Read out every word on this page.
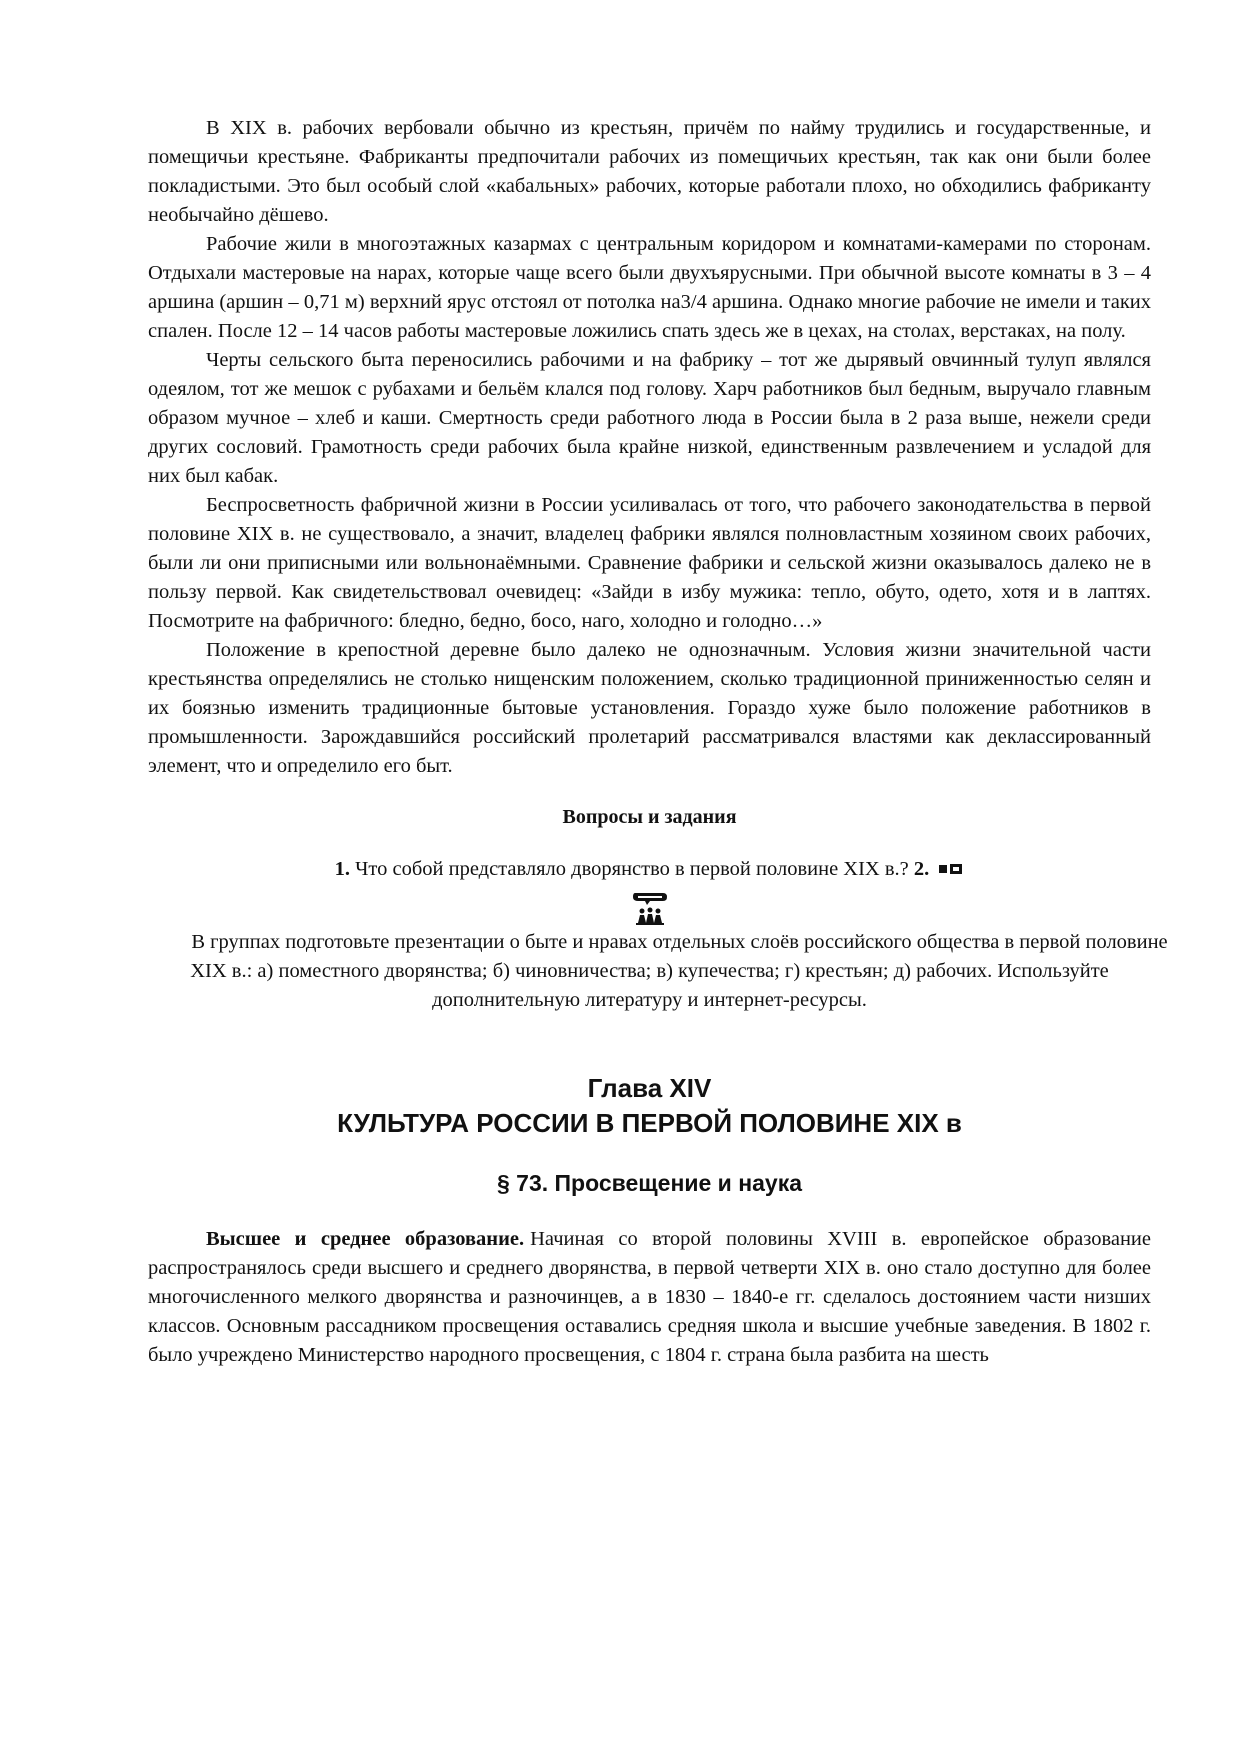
В XIX в. рабочих вербовали обычно из крестьян, причём по найму трудились и государственные, и помещичьи крестьяне. Фабриканты предпочитали рабочих из помещичьих крестьян, так как они были более покладистыми. Это был особый слой «кабальных» рабочих, которые работали плохо, но обходились фабриканту необычайно дёшево.

Рабочие жили в многоэтажных казармах с центральным коридором и комнатами-камерами по сторонам. Отдыхали мастеровые на нарах, которые чаще всего были двухъярусными. При обычной высоте комнаты в 3 – 4 аршина (аршин – 0,71 м) верхний ярус отстоял от потолка на3/4 аршина. Однако многие рабочие не имели и таких спален. После 12 – 14 часов работы мастеровые ложились спать здесь же в цехах, на столах, верстаках, на полу.

Черты сельского быта переносились рабочими и на фабрику – тот же дырявый овчинный тулуп являлся одеялом, тот же мешок с рубахами и бельём клался под голову. Харч работников был бедным, выручало главным образом мучное – хлеб и каши. Смертность среди работного люда в России была в 2 раза выше, нежели среди других сословий. Грамотность среди рабочих была крайне низкой, единственным развлечением и усладой для них был кабак.

Беспросветность фабричной жизни в России усиливалась от того, что рабочего законодательства в первой половине XIX в. не существовало, а значит, владелец фабрики являлся полновластным хозяином своих рабочих, были ли они приписными или вольнонаёмными. Сравнение фабрики и сельской жизни оказывалось далеко не в пользу первой. Как свидетельствовал очевидец: «Зайди в избу мужика: тепло, обуто, одето, хотя и в лаптях. Посмотрите на фабричного: бледно, бедно, босо, наго, холодно и голодно…»

Положение в крепостной деревне было далеко не однозначным. Условия жизни значительной части крестьянства определялись не столько нищенским положением, сколько традиционной приниженностью селян и их боязнью изменить традиционные бытовые установления. Гораздо хуже было положение работников в промышленности. Зарождавшийся российский пролетарий рассматривался властями как деклассированный элемент, что и определило его быт.

Вопросы и задания
1. Что собой представляло дворянство в первой половине XIX в.? 2.

В группах подготовьте презентации о быте и нравах отдельных слоёв российского общества в первой половине XIX в.: а) поместного дворянства; б) чиновничества; в) купечества; г) крестьян; д) рабочих. Используйте дополнительную литературу и интернет-ресурсы.

Глава XIV
КУЛЬТУРА РОССИИ В ПЕРВОЙ ПОЛОВИНЕ XIX в
§ 73. Просвещение и наука

Высшее и среднее образование. Начиная со второй половины XVIII в. европейское образование распространялось среди высшего и среднего дворянства, в первой четверти XIX в. оно стало доступно для более многочисленного мелкого дворянства и разночинцев, а в 1830 – 1840-е гг. сделалось достоянием части низших классов. Основным рассадником просвещения оставались средняя школа и высшие учебные заведения. В 1802 г. было учреждено Министерство народного просвещения, с 1804 г. страна была разбита на шесть
